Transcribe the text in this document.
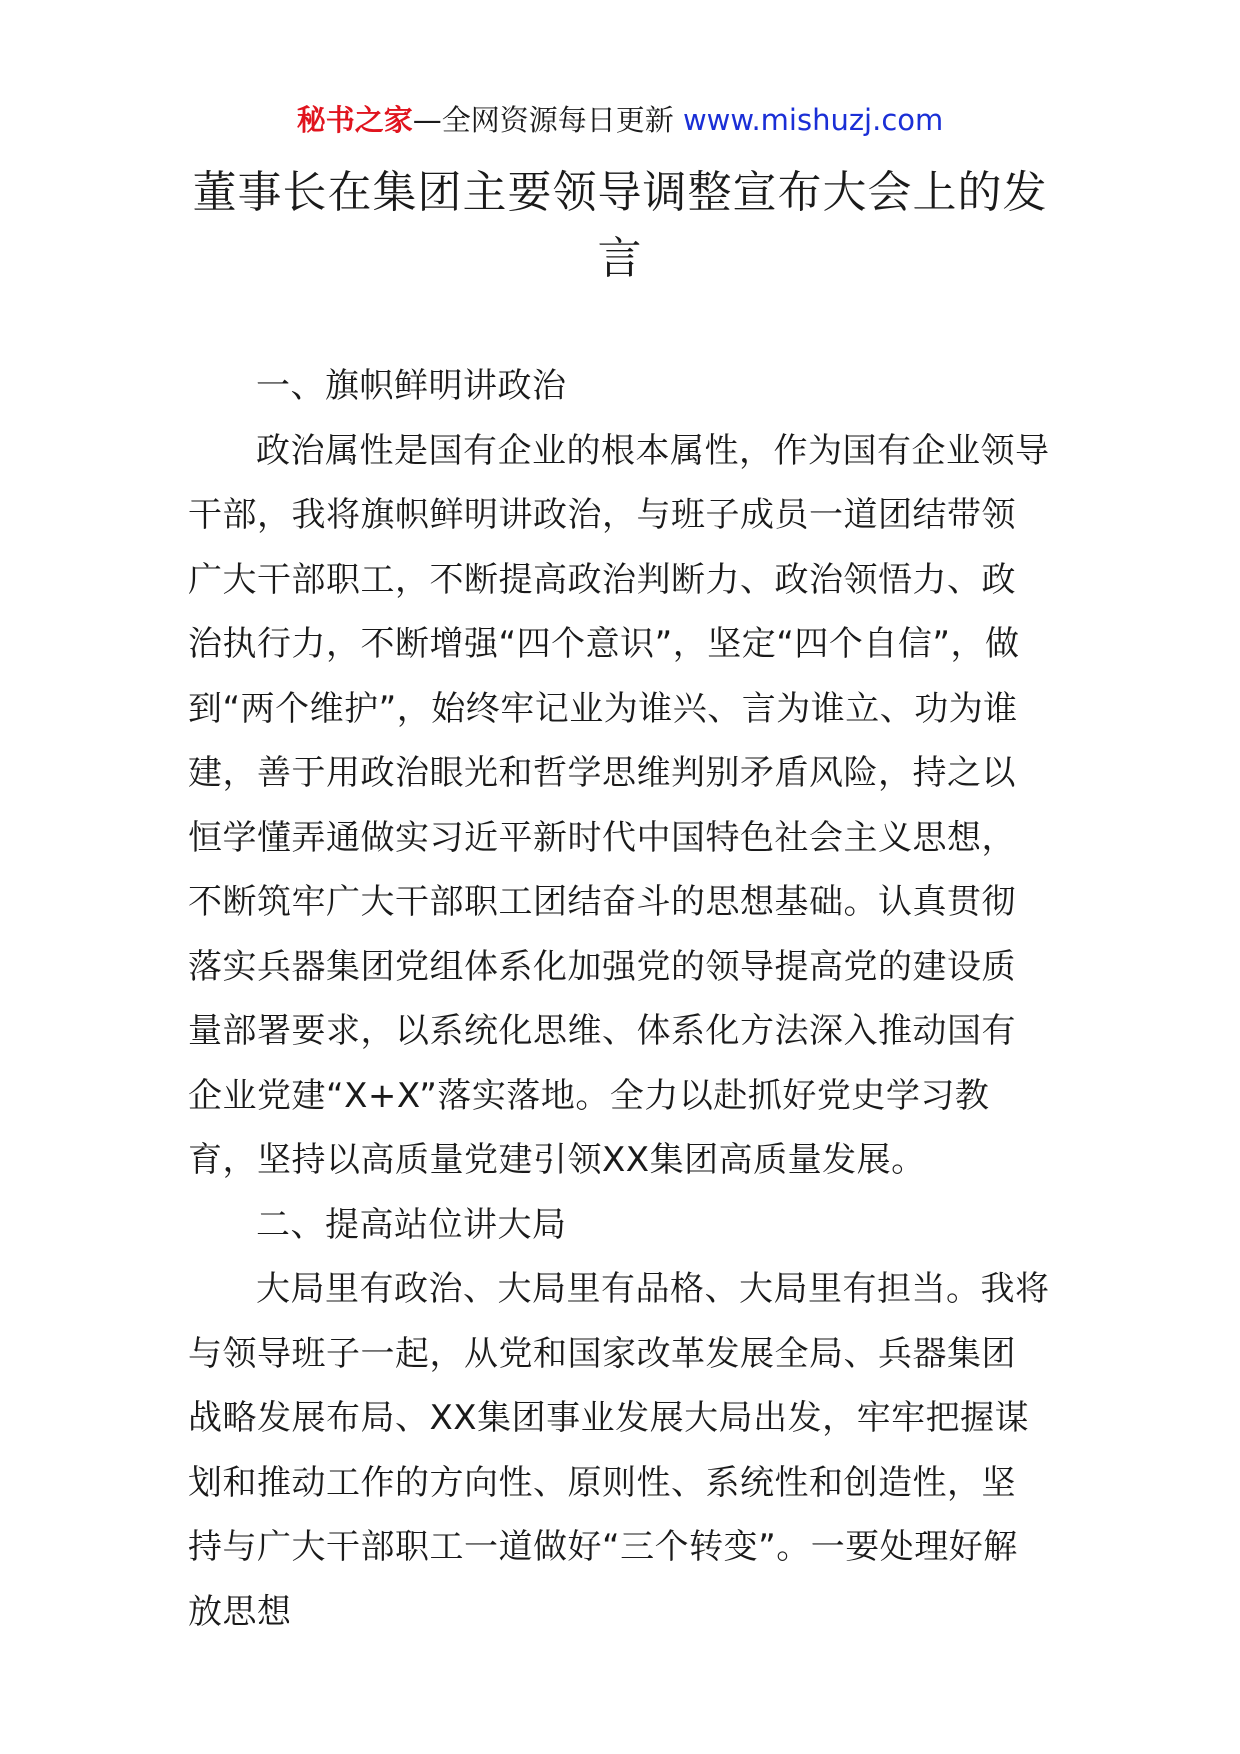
秘书之家—全网资源每日更新 www.mishuzj.com
董事长在集团主要领导调整宣布大会上的发言

一、旗帜鲜明讲政治

政治属性是国有企业的根本属性，作为国有企业领导干部，我将旗帜鲜明讲政治，与班子成员一道团结带领广大干部职工，不断提高政治判断力、政治领悟力、政治执行力，不断增强“四个意识”，坚定“四个自信”，做到“两个维护”，始终牢记业为谁兴、言为谁立、功为谁建，善于用政治眼光和哲学思维判别矛盾风险，持之以恒学懂弄通做实习近平新时代中国特色社会主义思想，不断筑牢广大干部职工团结奋斗的思想基础。认真贯彻落实兵器集团党组体系化加强党的领导提高党的建设质量部署要求，以系统化思维、体系化方法深入推动国有企业党建“X+X”落实落地。全力以赴抓好党史学习教育，坚持以高质量党建引领XX集团高质量发展。

二、提高站位讲大局

大局里有政治、大局里有品格、大局里有担当。我将与领导班子一起，从党和国家改革发展全局、兵器集团战略发展布局、XX集团事业发展大局出发，牢牢把握谋划和推动工作的方向性、原则性、系统性和创造性，坚持与广大干部职工一道做好“三个转变”。一要处理好解放思想
